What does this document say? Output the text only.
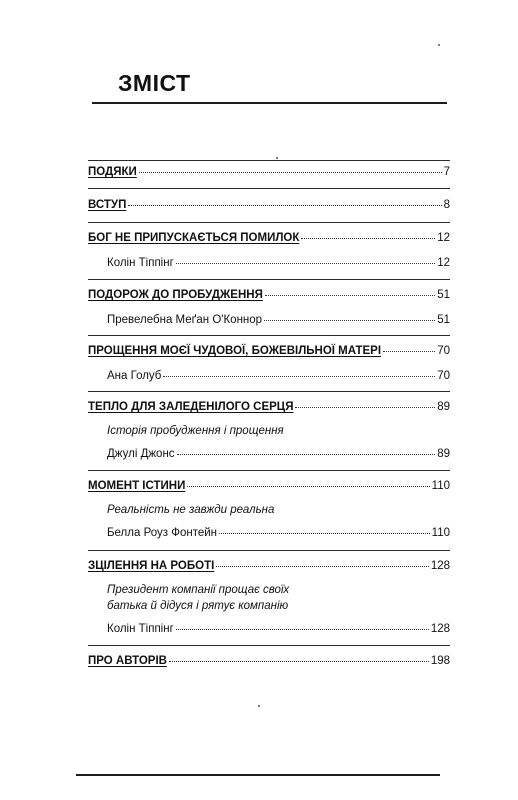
ЗМІСТ
ПОДЯКИ	7
ВСТУП	8
БОГ НЕ ПРИПУСКАЄТЬСЯ ПОМИЛОК	12
Колін Тіппінг	12
ПОДОРОЖ ДО ПРОБУДЖЕННЯ	51
Превелебна Меґан О'Коннор	51
ПРОЩЕННЯ МОЄЇ ЧУДОВОЇ, БОЖЕВІЛЬНОЇ МАТЕРІ	70
Ана Голуб	70
ТЕПЛО ДЛЯ ЗАЛЕДЕНІЛОГО СЕРЦЯ	89
Історія пробудження і прощення
Джулі Джонс	89
МОМЕНТ ІСТИНИ	110
Реальність не завжди реальна
Белла Роуз Фонтейн	110
ЗЦІЛЕННЯ НА РОБОТІ	128
Президент компанії прощає своїх батька й дідуся і рятує компанію
Колін Тіппінг	128
ПРО АВТОРІВ	198
